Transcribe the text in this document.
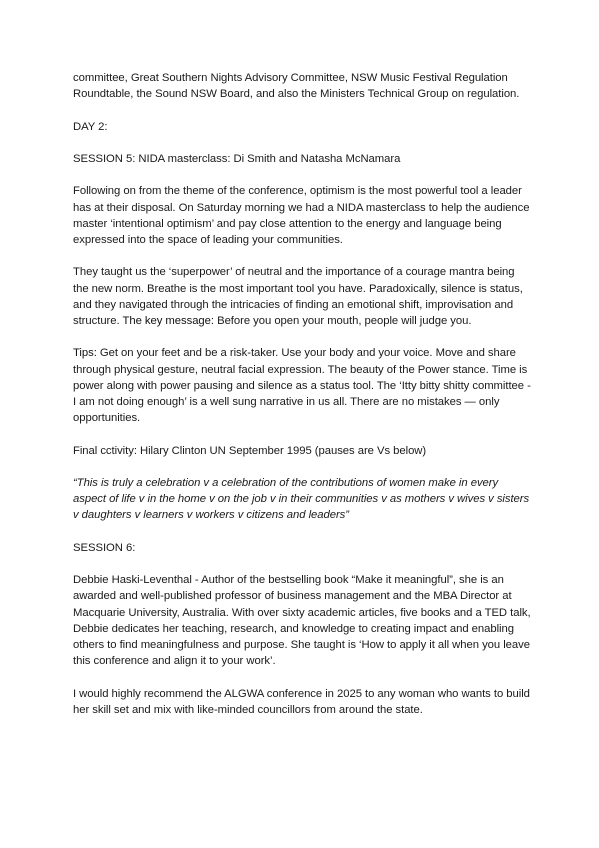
committee, Great Southern Nights Advisory Committee, NSW Music Festival Regulation Roundtable, the Sound NSW Board, and also the Ministers Technical Group on regulation.

DAY 2:

SESSION 5: NIDA masterclass: Di Smith and Natasha McNamara

Following on from the theme of the conference, optimism is the most powerful tool a leader has at their disposal. On Saturday morning we had a NIDA masterclass to help the audience master ‘intentional optimism’ and pay close attention to the energy and language being expressed into the space of leading your communities.

They taught us the ‘superpower’ of neutral and the importance of a courage mantra being the new norm. Breathe is the most important tool you have. Paradoxically, silence is status, and they navigated through the intricacies of finding an emotional shift, improvisation and structure. The key message: Before you open your mouth, people will judge you.

Tips: Get on your feet and be a risk-taker. Use your body and your voice. Move and share through physical gesture, neutral facial expression. The beauty of the Power stance. Time is power along with power pausing and silence as a status tool. The ‘Itty bitty shitty committee - I am not doing enough’ is a well sung narrative in us all. There are no mistakes — only opportunities.

Final cctivity: Hilary Clinton UN September 1995 (pauses are Vs below)

“This is truly a celebration v a celebration of the contributions of women make in every aspect of life v in the home v on the job v in their communities v as mothers v wives v sisters v daughters v learners v workers v citizens and leaders”

SESSION 6:

Debbie Haski-Leventhal - Author of the bestselling book “Make it meaningful”, she is an awarded and well-published professor of business management and the MBA Director at Macquarie University, Australia. With over sixty academic articles, five books and a TED talk, Debbie dedicates her teaching, research, and knowledge to creating impact and enabling others to find meaningfulness and purpose. She taught is ‘How to apply it all when you leave this conference and align it to your work’.

I would highly recommend the ALGWA conference in 2025 to any woman who wants to build her skill set and mix with like-minded councillors from around the state.
